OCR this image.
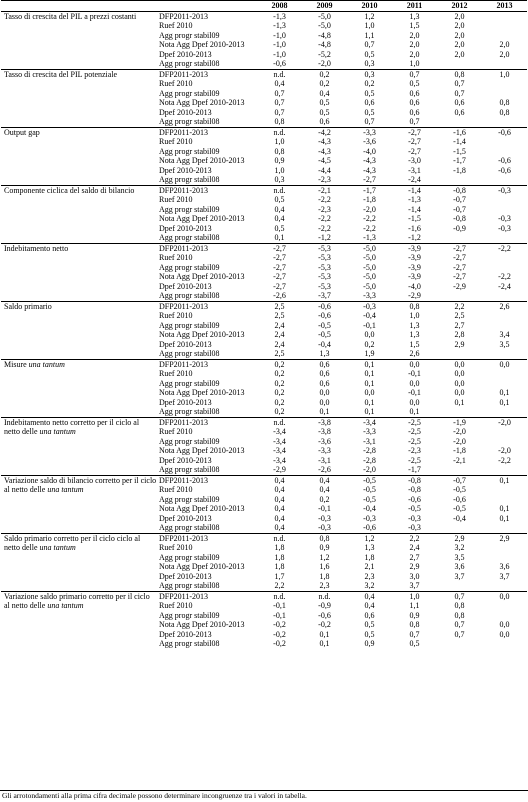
		2008	2009	2010	2011	2012	2013
Tasso di crescita del PIL a prezzi costanti	DFP2011-2013	-1,3	-5,0	1,2	1,3	2,0	
	Ruef 2010	-1,3	-5,0	1,0	1,5	2,0	
	Agg progr stabil09	-1,0	-4,8	1,1	2,0	2,0	
	Nota Agg Dpef 2010-2013	-1,0	-4,8	0,7	2,0	2,0	2,0
	Dpef 2010-2013	-1,0	-5,2	0,5	2,0	2,0	2,0
	Agg progr stabil08	-0,6	-2,0	0,3	1,0		
Tasso di crescita del PIL potenziale	DFP2011-2013	n.d.	0,2	0,3	0,7	0,8	1,0
	Ruef 2010	0,4	0,2	0,2	0,5	0,7	
	Agg progr stabil09	0,7	0,4	0,5	0,6	0,7	
	Nota Agg Dpef 2010-2013	0,7	0,5	0,6	0,6	0,6	0,8
	Dpef 2010-2013	0,7	0,5	0,5	0,6	0,6	0,8
	Agg progr stabil08	0,8	0,6	0,7	0,7		
Output gap	DFP2011-2013	n.d.	-4,2	-3,3	-2,7	-1,6	-0,6
	Ruef 2010	1,0	-4,3	-3,6	-2,7	-1,4	
	Agg progr stabil09	0,8	-4,3	-4,0	-2,7	-1,5	
	Nota Agg Dpef 2010-2013	0,9	-4,5	-4,3	-3,0	-1,7	-0,6
	Dpef 2010-2013	1,0	-4,4	-4,3	-3,1	-1,8	-0,6
	Agg progr stabil08	0,3	-2,3	-2,7	-2,4		
Componente ciclica del saldo di bilancio	DFP2011-2013	n.d.	-2,1	-1,7	-1,4	-0,8	-0,3
	Ruef 2010	0,5	-2,2	-1,8	-1,3	-0,7	
	Agg progr stabil09	0,4	-2,3	-2,0	-1,4	-0,7	
	Nota Agg Dpef 2010-2013	0,4	-2,2	-2,2	-1,5	-0,8	-0,3
	Dpef 2010-2013	0,5	-2,2	-2,2	-1,6	-0,9	-0,3
	Agg progr stabil08	0,1	-1,2	-1,3	-1,2		
Indebitamento netto	DFP2011-2013	-2,7	-5,3	-5,0	-3,9	-2,7	-2,2
	Ruef 2010	-2,7	-5,3	-5,0	-3,9	-2,7	
	Agg progr stabil09	-2,7	-5,3	-5,0	-3,9	-2,7	
	Nota Agg Dpef 2010-2013	-2,7	-5,3	-5,0	-3,9	-2,7	-2,2
	Dpef 2010-2013	-2,7	-5,3	-5,0	-4,0	-2,9	-2,4
	Agg progr stabil08	-2,6	-3,7	-3,3	-2,9		
Saldo primario	DFP2011-2013	2,5	-0,6	-0,3	0,8	2,2	2,6
	Ruef 2010	2,5	-0,6	-0,4	1,0	2,5	
	Agg progr stabil09	2,4	-0,5	-0,1	1,3	2,7	
	Nota Agg Dpef 2010-2013	2,4	-0,5	0,0	1,3	2,8	3,4
	Dpef 2010-2013	2,4	-0,4	0,2	1,5	2,9	3,5
	Agg progr stabil08	2,5	1,3	1,9	2,6		
Misure una tantum	DFP2011-2013	0,2	0,6	0,1	0,0	0,0	0,0
	Ruef 2010	0,2	0,6	0,1	-0,1	0,0	
	Agg progr stabil09	0,2	0,6	0,1	0,0	0,0	
	Nota Agg Dpef 2010-2013	0,2	0,0	0,0	-0,1	0,0	0,1
	Dpef 2010-2013	0,2	0,0	0,1	0,0	0,1	0,1
	Agg progr stabil08	0,2	0,1	0,1	0,1		
Indebitamento netto corretto per il ciclo al netto delle una tantum	DFP2011-2013	n.d.	-3,8	-3,4	-2,5	-1,9	-2,0
	Ruef 2010	-3,4	-3,8	-3,3	-2,5	-2,0	
	Agg progr stabil09	-3,4	-3,6	-3,1	-2,5	-2,0	
	Nota Agg Dpef 2010-2013	-3,4	-3,3	-2,8	-2,3	-1,8	-2,0
	Dpef 2010-2013	-3,4	-3,1	-2,8	-2,5	-2,1	-2,2
	Agg progr stabil08	-2,9	-2,6	-2,0	-1,7		
Variazione saldo di bilancio corretto per il ciclo al netto delle una tantum	DFP2011-2013	0,4	0,4	-0,5	-0,8	-0,7	0,1
	Ruef 2010	0,4	0,4	-0,5	-0,8	-0,5	
	Agg progr stabil09	0,4	0,2	-0,5	-0,6	-0,6	
	Nota Agg Dpef 2010-2013	0,4	-0,1	-0,4	-0,5	-0,5	0,1
	Dpef 2010-2013	0,4	-0,3	-0,3	-0,3	-0,4	0,1
	Agg progr stabil08	0,4	-0,3	-0,6	-0,3		
Saldo primario corretto per il ciclo ciclo al netto delle una tantum	DFP2011-2013	n.d.	0,8	1,2	2,2	2,9	2,9
	Ruef 2010	1,8	0,9	1,3	2,4	3,2	
	Agg progr stabil09	1,8	1,2	1,8	2,7	3,5	
	Nota Agg Dpef 2010-2013	1,8	1,6	2,1	2,9	3,6	3,6
	Dpef 2010-2013	1,7	1,8	2,3	3,0	3,7	3,7
	Agg progr stabil08	2,2	2,3	3,2	3,7		
Variazione saldo primario corretto per il ciclo al netto delle una tantum	DFP2011-2013	n.d.	n.d.	0,4	1,0	0,7	0,0
	Ruef 2010	-0,1	-0,9	0,4	1,1	0,8	
	Agg progr stabil09	-0,1	-0,6	0,6	0,9	0,8	
	Nota Agg Dpef 2010-2013	-0,2	-0,2	0,5	0,8	0,7	0,0
	Dpef 2010-2013	-0,2	0,1	0,5	0,7	0,7	0,0
	Agg progr stabil08	-0,2	0,1	0,9	0,5		
Gli arrotondamenti alla prima cifra decimale possono determinare incongruenze tra i valori in tabella.
